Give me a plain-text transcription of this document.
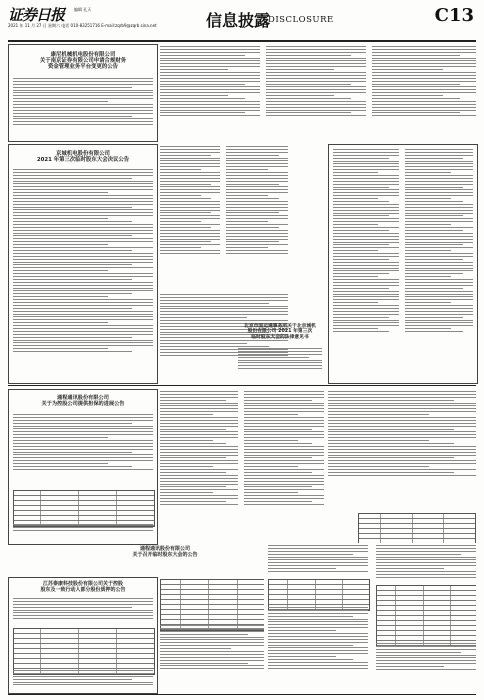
证券日报 编辑 孔天
2021 年 11 月 27 日 星期六 电话 010-83251716 E-mail:zqrb9@zqrb.sina.net	信息披露
DISCLOSURE	C13
康尼机械机电股份有限公司
关于南京证券有限公司申请合规财务
资金管理业务平台变更的公告
京城机电股份有限公司
2021 年第三次临时股东大会决议公告
北京市国运通事务所关于北京城机
股份有限公司 2021 年第三次
临时股东大会的法律意见书
通程通讯股份有限公司
关于为控股公司提供担保的进展公告
通程通讯股份有限公司
关于召开临时股东大会的公告
江苏泰康科技股份有限公司关于控股
股东及一致行动人部分股份质押的公告
